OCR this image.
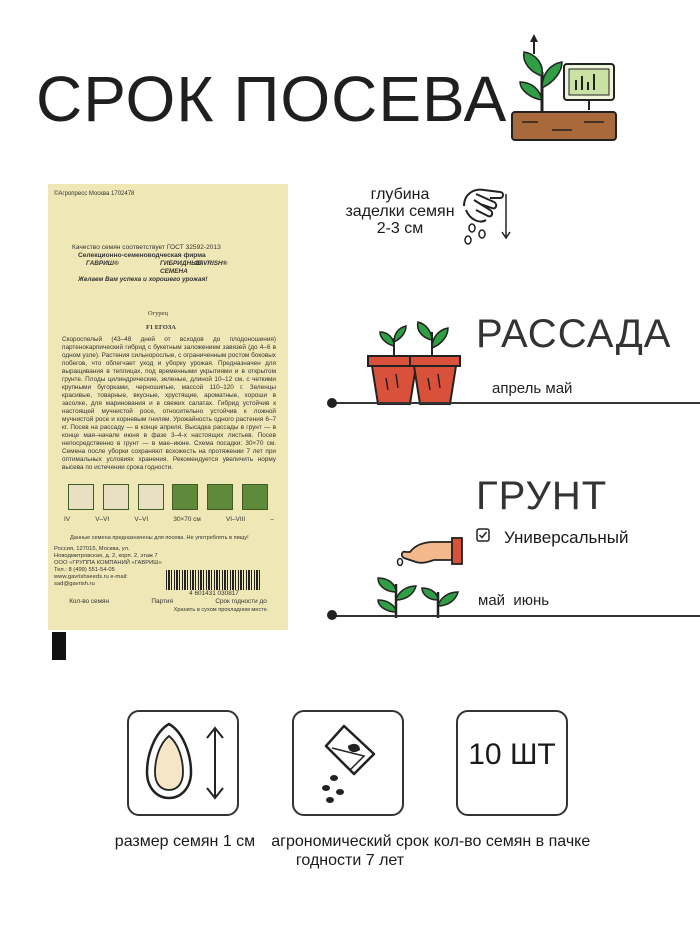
СРОК ПОСЕВА
©Агропресс Москва 1702478
Качество семян соответствует ГОСТ 32592-2013
Селекционно-семеноводческая фирма
ГАВРИШ®	ГИБРИДНЫЕ СЕМЕНА
GAVRISH®
Желаем Вам успеха и хорошего урожая!
Огурец
F1 ЕГОЗА
Скороспелый (43–48 дней от всходов до плодоношения) партенокарпический гибрид с букетным заложением завязей (до 4–6 в одном узле). Растения сильнорослые, с ограниченным ростом боковых побегов, что облегчает уход и уборку урожая. Предназначен для выращивания в теплицах, под временными укрытиями и в открытом грунте. Плоды цилиндрические, зеленые, длиной 10–12 см, с четкими крупными бугорками, черношипые, массой 110–120 г. Зеленцы красивые, товарные, вкусные, хрустящие, ароматные, хороши в засолке, для маринования и в свежих салатах. Гибрид устойчив к настоящей мучнистой росе, относительно устойчив к ложной мучнистой росе и корневым гнилям. Урожайность одного растения 6–7 кг. Посев на рассаду — в конце апреля. Высадка рассады в грунт — в конце мая–начале июня в фазе 3–4-х настоящих листьев. Посев непосредственно в грунт — в мае–июне. Схема посадки: 30×70 см. Семена после уборки сохраняют всхожесть на протяжении 7 лет при оптимальных условиях хранения. Рекомендуется увеличить норму высева по истечении срока годности.
IV	V–VI	V–VI	30×70 см	VI–VIII	–
Данные семена предназначены для посева. Не употреблять в пищу!
Россия, 127015, Москва, ул. Новодмитровская, д. 2, корп. 2, этаж 7 ООО «ГРУППА КОМПАНИЙ «ГАВРИШ» Тел.: 8 (499) 551-54-05 www.gavrishseeds.ru e-mail: sad@gavrish.ru
4 601431 030817
Кол-во семян	Партия	Срок годности до
Хранить в сухом прохладном месте.
глубина заделки семян 2-3 см
РАССАДА
апрель май
ГРУНТ
Универсальный
май  июнь
10 ШТ
размер семян 1 см	агрономический срок годности 7 лет
кол-во семян в пачке
